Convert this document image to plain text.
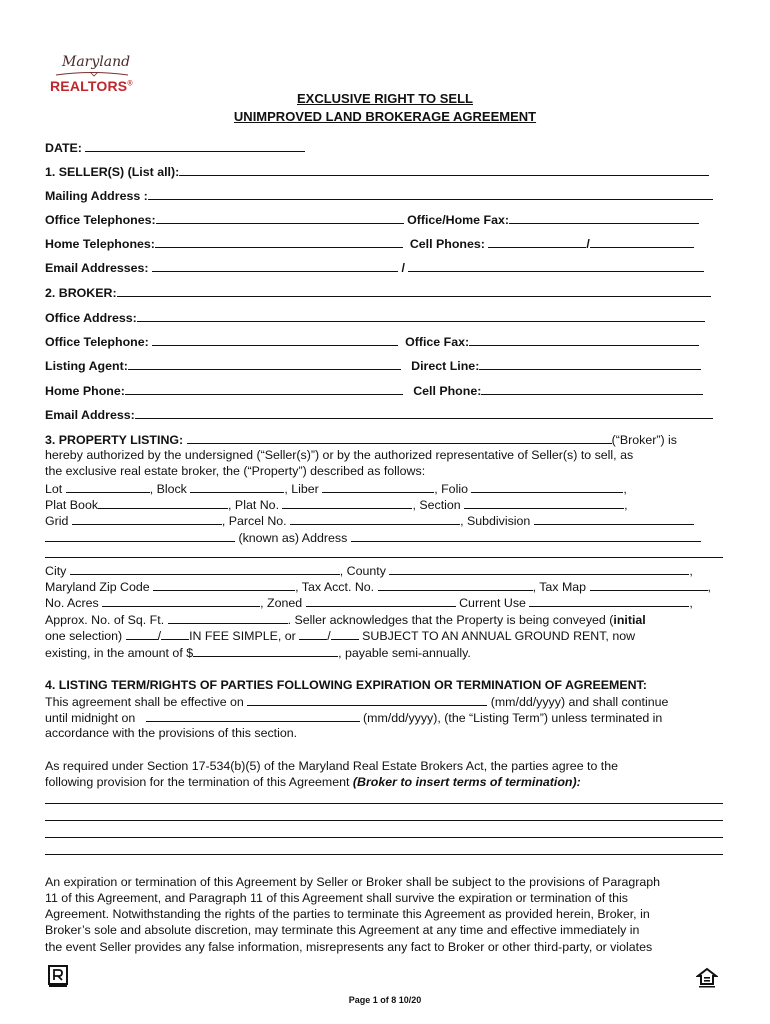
Maryland
REALTORS®
EXCLUSIVE RIGHT TO SELL
UNIMPROVED LAND BROKERAGE AGREEMENT
DATE:
1. SELLER(S) (List all):
Mailing Address :
Office Telephones:	Office/Home Fax:
Home Telephones:	Cell Phones:	/
Email Addresses:	/
2. BROKER:
Office Address:
Office Telephone:	Office Fax:
Listing Agent:	Direct Line:
Home Phone:	Cell Phone:
Email Address:
3. PROPERTY LISTING:	(“Broker”) is
hereby authorized by the undersigned (“Seller(s)”) or by the authorized representative of Seller(s) to sell, as
the exclusive real estate broker, the (“Property”) described as follows:
Lot	, Block	, Liber	, Folio	,
Plat Book	, Plat No.	, Section	,
Grid	, Parcel No.	, Subdivision
(known as) Address
City	, County	,
Maryland Zip Code	, Tax Acct. No.	, Tax Map	,
No. Acres	, Zoned	Current Use	,
Approx. No. of Sq. Ft.	. Seller acknowledges that the Property is being conveyed (initial
one selection)	/ IN FEE SIMPLE, or	/	SUBJECT TO AN ANNUAL GROUND RENT, now
existing, in the amount of $	, payable semi-annually.
4. LISTING TERM/RIGHTS OF PARTIES FOLLOWING EXPIRATION OR TERMINATION OF AGREEMENT:
This agreement shall be effective on	(mm/dd/yyyy) and shall continue
until midnight on	(mm/dd/yyyy), (the “Listing Term”) unless terminated in
accordance with the provisions of this section.
As required under Section 17-534(b)(5) of the Maryland Real Estate Brokers Act, the parties agree to the
following provision for the termination of this Agreement (Broker to insert terms of termination):
An expiration or termination of this Agreement by Seller or Broker shall be subject to the provisions of Paragraph
11 of this Agreement, and Paragraph 11 of this Agreement shall survive the expiration or termination of this
Agreement. Notwithstanding the rights of the parties to terminate this Agreement as provided herein, Broker, in
Broker’s sole and absolute discretion, may terminate this Agreement at any time and effective immediately in
the event Seller provides any false information, misrepresents any fact to Broker or other third-party, or violates
Page 1 of 8 10/20
